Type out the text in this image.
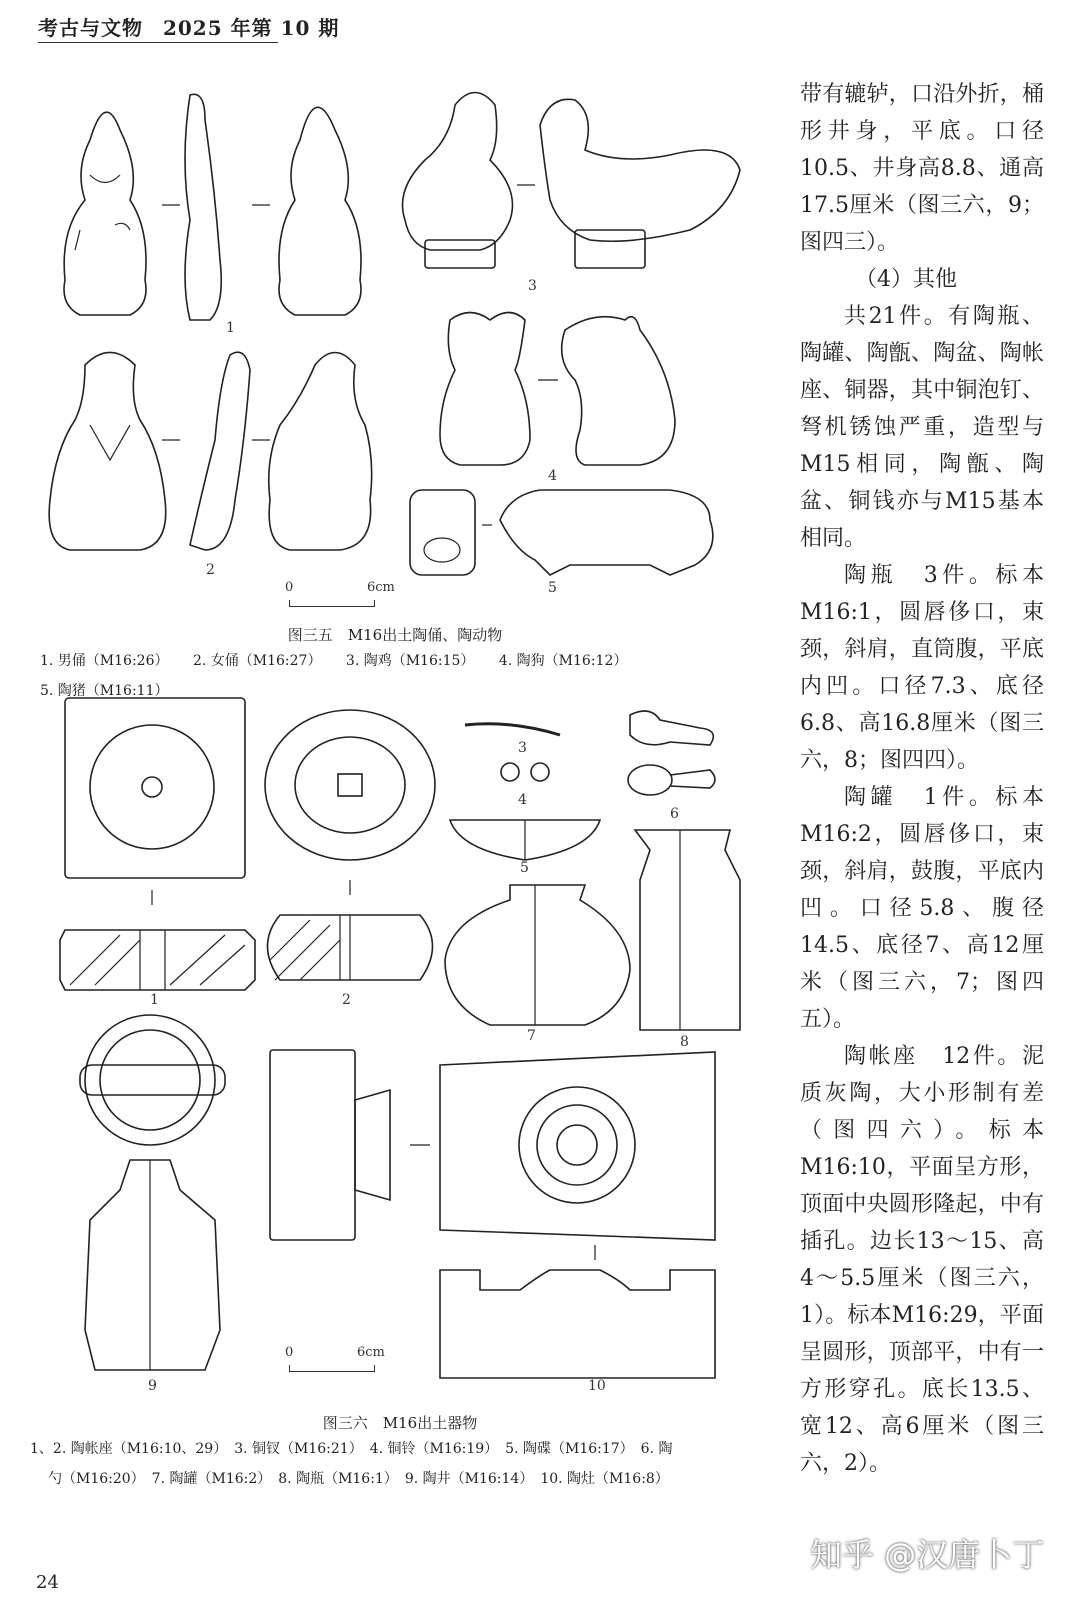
考古与文物 2025 年第 10 期
1
2
3
4
5
0	6cm
图三五　M16出土陶俑、陶动物
1. 男俑（M16:26） 2. 女俑（M16:27） 3. 陶鸡（M16:15） 4. 陶狗（M16:12） 5. 陶猪（M16:11）
1	2
3
4
5
6
7	8
9	10
0	6cm
图三六　M16出土器物
1、2. 陶帐座（M16:10、29）　3. 铜钗（M16:21）　4. 铜铃（M16:19）　5. 陶碟（M16:17）　6. 陶
勺（M16:20）　7. 陶罐（M16:2）　8. 陶瓶（M16:1）　9. 陶井（M16:14）　10. 陶灶（M16:8）

带有辘轳，口沿外折，桶形井身，平底。口径10.5、井身高8.8、通高17.5厘米（图三六，9；图四三）。

（4）其他

共21件。有陶瓶、陶罐、陶甑、陶盆、陶帐座、铜器，其中铜泡钉、弩机锈蚀严重，造型与M15相同，陶甑、陶盆、铜钱亦与M15基本相同。

陶瓶　3件。标本M16:1，圆唇侈口，束颈，斜肩，直筒腹，平底内凹。口径7.3、底径6.8、高16.8厘米（图三六，8；图四四）。

陶罐　1件。标本M16:2，圆唇侈口，束颈，斜肩，鼓腹，平底内凹。口径5.8、腹径14.5、底径7、高12厘米（图三六，7；图四五）。

陶帐座　12件。泥质灰陶，大小形制有差（图四六）。标本M16:10，平面呈方形，顶面中央圆形隆起，中有插孔。边长13～15、高4～5.5厘米（图三六，1）。标本M16:29，平面呈圆形，顶部平，中有一方形穿孔。底长13.5、宽12、高6厘米（图三六，2）。

24
知乎 @汉唐卜丁
